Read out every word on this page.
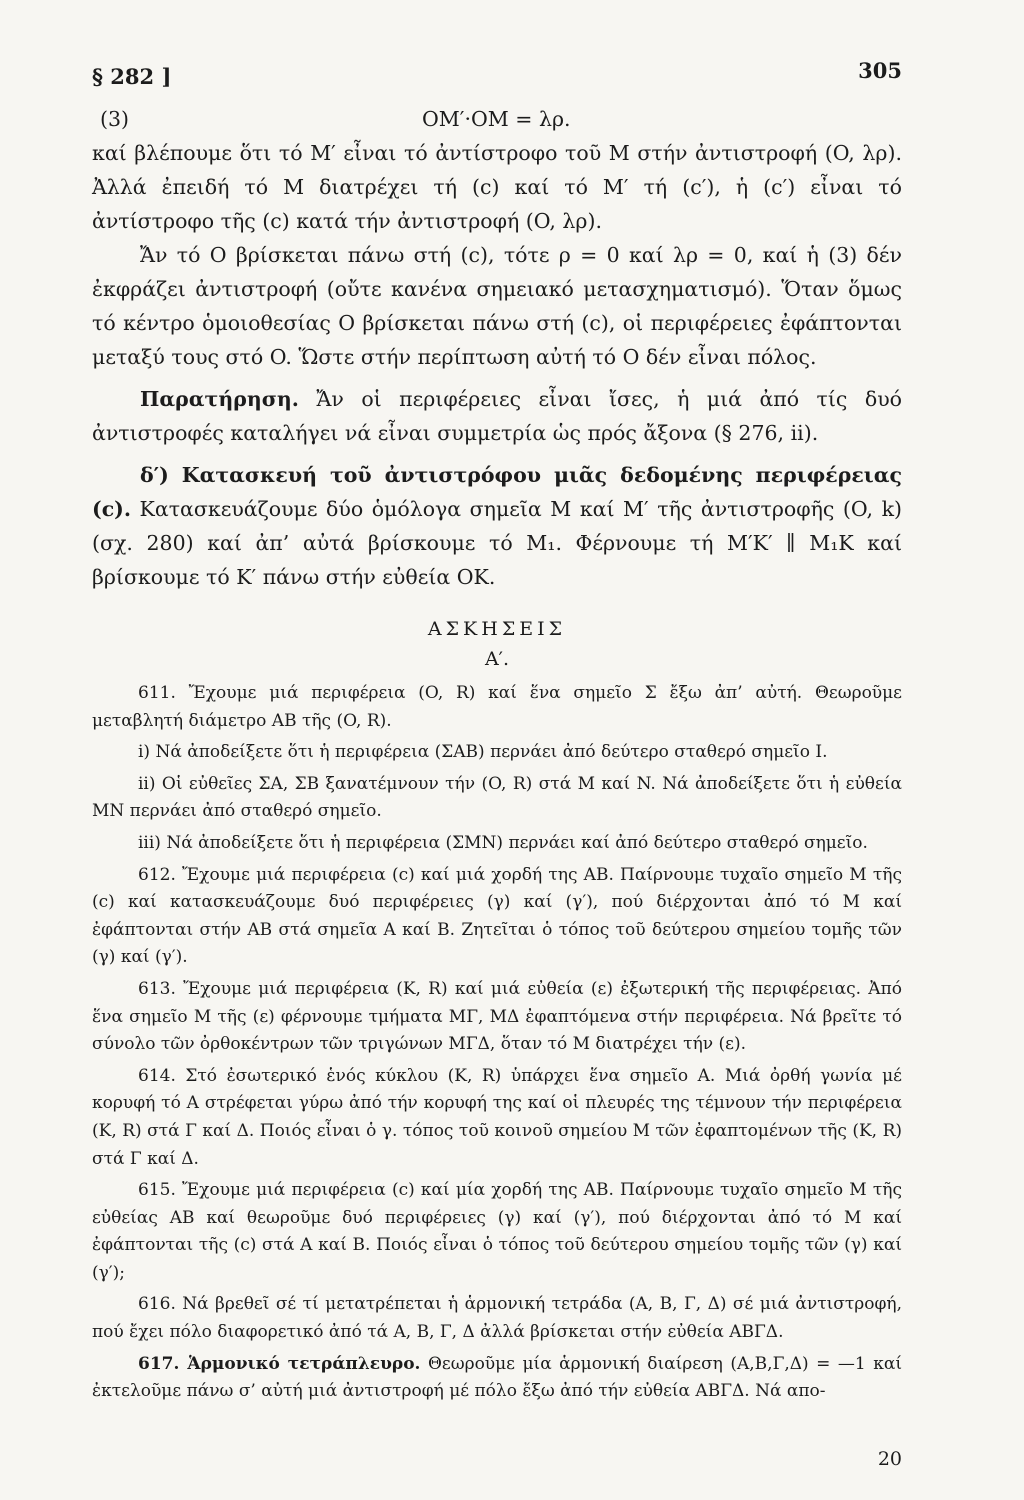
§ 282 ]	305
(3)	OM′·OM = λρ.

καί βλέπουμε ὅτι τό M′ εἶναι τό ἀντίστροφο τοῦ M στήν ἀντιστροφή (O, λρ). Ἀλλά ἐπειδή τό M διατρέχει τή (c) καί τό M′ τή (c′), ἡ (c′) εἶναι τό ἀντίστροφο τῆς (c) κατά τήν ἀντιστροφή (O, λρ).

Ἄν τό O βρίσκεται πάνω στή (c), τότε ρ = 0 καί λρ = 0, καί ἡ (3) δέν ἐκφράζει ἀντιστροφή (οὔτε κανένα σημειακό μετασχηματισμό). Ὅταν ὅμως τό κέντρο ὁμοιοθεσίας O βρίσκεται πάνω στή (c), οἱ περιφέρειες ἐφάπτονται μεταξύ τους στό O. Ὥστε στήν περίπτωση αὐτή τό O δέν εἶναι πόλος.

Παρατήρηση. Ἄν οἱ περιφέρειες εἶναι ἴσες, ἡ μιά ἀπό τίς δυό ἀντιστροφές καταλήγει νά εἶναι συμμετρία ὡς πρός ἄξονα (§ 276, ii).

δ′) Κατασκευή τοῦ ἀντιστρόφου μιᾶς δεδομένης περιφέρειας (c). Κατασκευάζουμε δύο ὁμόλογα σημεῖα M καί M′ τῆς ἀντιστροφῆς (O, k) (σχ. 280) καί ἀπ’ αὐτά βρίσκουμε τό M₁. Φέρνουμε τή M′K′ ∥ M₁K καί βρίσκουμε τό K′ πάνω στήν εὐθεία OK.

ΑΣΚΗΣΕΙΣ
Α′.

611. Ἔχουμε μιά περιφέρεια (O, R) καί ἕνα σημεῖο Σ ἔξω ἀπ’ αὐτή. Θεωροῦμε μεταβλητή διάμετρο AB τῆς (O, R).

i) Νά ἀποδείξετε ὅτι ἡ περιφέρεια (ΣAB) περνάει ἀπό δεύτερο σταθερό σημεῖο I.

ii) Οἱ εὐθεῖες ΣA, ΣB ξανατέμνουν τήν (O, R) στά M καί N. Νά ἀποδείξετε ὅτι ἡ εὐθεία MN περνάει ἀπό σταθερό σημεῖο.

iii) Νά ἀποδείξετε ὅτι ἡ περιφέρεια (ΣMN) περνάει καί ἀπό δεύτερο σταθερό σημεῖο.

612. Ἔχουμε μιά περιφέρεια (c) καί μιά χορδή της AB. Παίρνουμε τυχαῖο σημεῖο M τῆς (c) καί κατασκευάζουμε δυό περιφέρειες (γ) καί (γ′), πού διέρχονται ἀπό τό M καί ἐφάπτονται στήν AB στά σημεῖα A καί B. Ζητεῖται ὁ τόπος τοῦ δεύτερου σημείου τομῆς τῶν (γ) καί (γ′).

613. Ἔχουμε μιά περιφέρεια (K, R) καί μιά εὐθεία (ε) ἐξωτερική τῆς περιφέρειας. Ἀπό ἕνα σημεῖο M τῆς (ε) φέρνουμε τμήματα MΓ, MΔ ἐφαπτόμενα στήν περιφέρεια. Νά βρεῖτε τό σύνολο τῶν ὀρθοκέντρων τῶν τριγώνων MΓΔ, ὅταν τό M διατρέχει τήν (ε).

614. Στό ἐσωτερικό ἑνός κύκλου (K, R) ὑπάρχει ἕνα σημεῖο A. Μιά ὀρθή γωνία μέ κορυφή τό A στρέφεται γύρω ἀπό τήν κορυφή της καί οἱ πλευρές της τέμνουν τήν περιφέρεια (K, R) στά Γ καί Δ. Ποιός εἶναι ὁ γ. τόπος τοῦ κοινοῦ σημείου M τῶν ἐφαπτομένων τῆς (K, R) στά Γ καί Δ.

615. Ἔχουμε μιά περιφέρεια (c) καί μία χορδή της AB. Παίρνουμε τυχαῖο σημεῖο M τῆς εὐθείας AB καί θεωροῦμε δυό περιφέρειες (γ) καί (γ′), πού διέρχονται ἀπό τό M καί ἐφάπτονται τῆς (c) στά A καί B. Ποιός εἶναι ὁ τόπος τοῦ δεύτερου σημείου τομῆς τῶν (γ) καί (γ′);

616. Νά βρεθεῖ σέ τί μετατρέπεται ἡ ἁρμονική τετράδα (A, B, Γ, Δ) σέ μιά ἀντιστροφή, πού ἔχει πόλο διαφορετικό ἀπό τά A, B, Γ, Δ ἀλλά βρίσκεται στήν εὐθεία ABΓΔ.

617. Ἁρμονικό τετράπλευρο. Θεωροῦμε μία ἁρμονική διαίρεση (A,B,Γ,Δ) = —1 καί ἐκτελοῦμε πάνω σ’ αὐτή μιά ἀντιστροφή μέ πόλο ἔξω ἀπό τήν εὐθεία ABΓΔ. Νά απο-

20
